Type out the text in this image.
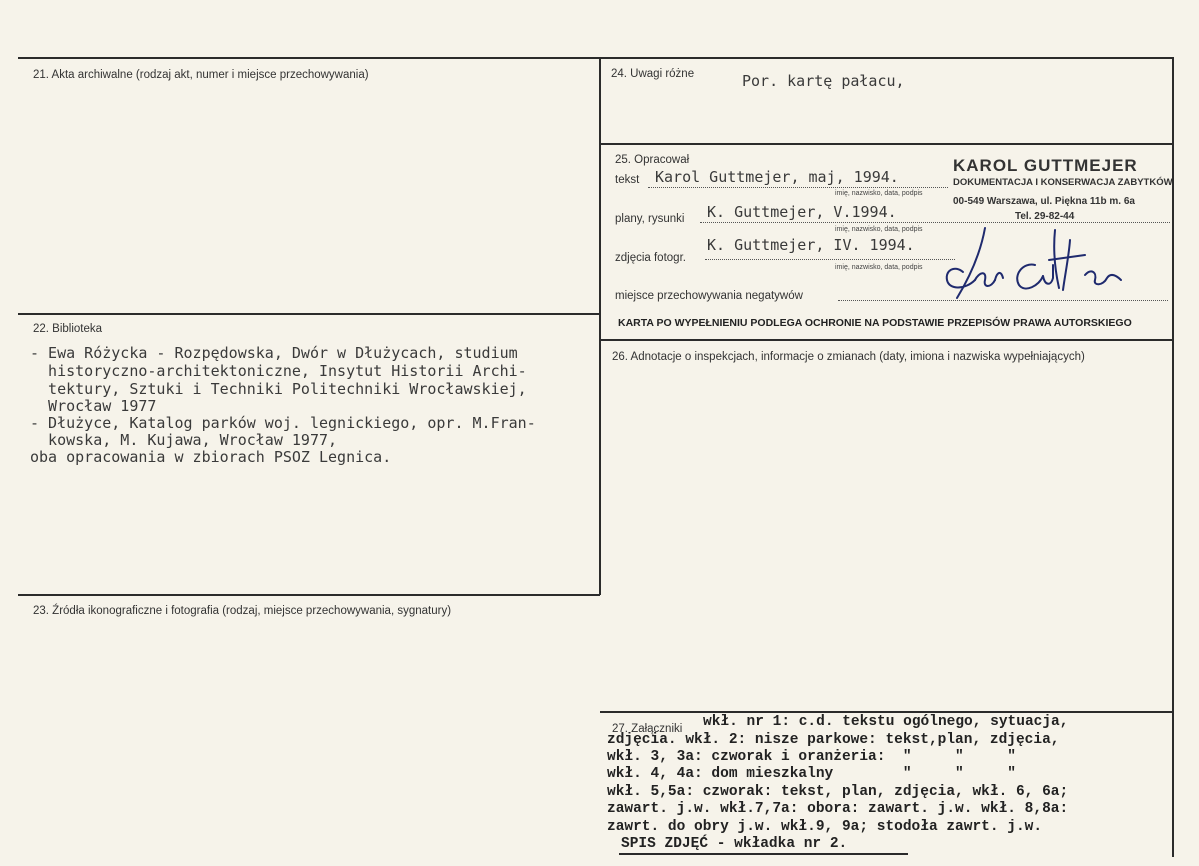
21. Akta archiwalne (rodzaj akt, numer i miejsce przechowywania)
22. Biblioteka
- Ewa Różycka - Rozpędowska, Dwór w Dłużycach, studium
historyczno-architektoniczne, Insytut Historii Archi-
tektury, Sztuki i Techniki Politechniki Wrocławskiej,
Wrocław 1977
- Dłużyce, Katalog parków woj. legnickiego, opr. M.Fran-
kowska, M. Kujawa, Wrocław 1977,
oba opracowania w zbiorach PSOZ Legnica.
23. Źródła ikonograficzne i fotografia (rodzaj, miejsce przechowywania, sygnatury)
24. Uwagi różne	Por. kartę pałacu,
25. Opracował
tekst Karol Guttmejer, maj, 1994.
imię, nazwisko, data, podpis
plany, rysunki K. Guttmejer, V.1994.
imię, nazwisko, data, podpis
zdjęcia fotogr.
K. Guttmejer, IV. 1994.
imię, nazwisko, data, podpis
miejsce przechowywania negatywów
KARTA PO WYPEŁNIENIU PODLEGA OCHRONIE NA PODSTAWIE PRZEPISÓW PRAWA AUTORSKIEGO
KAROL GUTTMEJER
DOKUMENTACJA I KONSERWACJA ZABYTKÓW
00-549 Warszawa, ul. Piękna 11b m. 6a
Tel. 29-82-44
26. Adnotacje o inspekcjach, informacje o zmianach (daty, imiona i nazwiska wypełniających)
27. Załączniki wkł. nr 1: c.d. tekstu ogólnego, sytuacja,
zdjęcia. wkł. 2: nisze parkowe: tekst,plan, zdjęcia,
wkł. 3, 3a: czworak i oranżeria:  "     "     "
wkł. 4, 4a: dom mieszkalny        "     "     "
wkł. 5,5a: czworak: tekst, plan, zdjęcia, wkł. 6, 6a;
zawart. j.w. wkł.7,7a: obora: zawart. j.w. wkł. 8,8a:
zawrt. do obry j.w. wkł.9, 9a; stodoła zawrt. j.w.
SPIS ZDJĘĆ - wkładka nr 2.
